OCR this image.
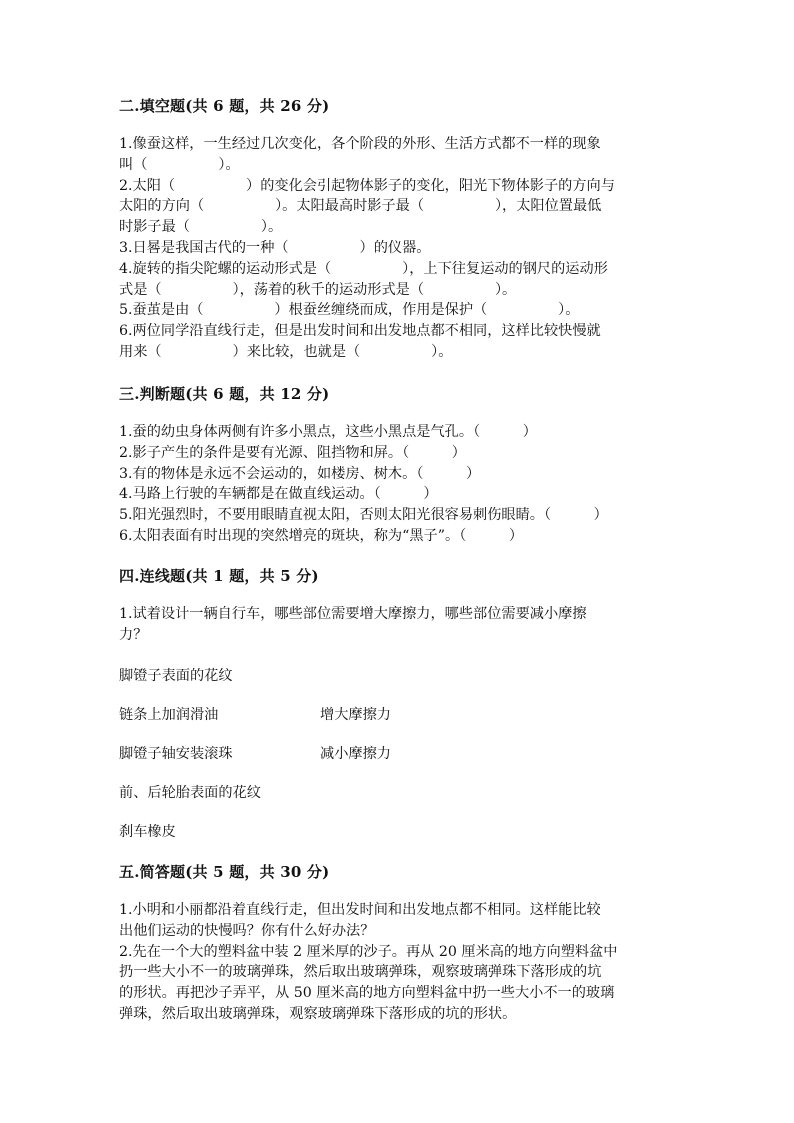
二.填空题(共 6 题，共 26 分)
1.像蚕这样，一生经过几次变化，各个阶段的外形、生活方式都不一样的现象
叫（　　　　　）。
2.太阳（　　　　　）的变化会引起物体影子的变化，阳光下物体影子的方向与
太阳的方向（　　　　　）。太阳最高时影子最（　　　　　），太阳位置最低
时影子最（　　　　　）。
3.日晷是我国古代的一种（　　　　　）的仪器。
4.旋转的指尖陀螺的运动形式是（　　　　　），上下往复运动的钢尺的运动形
式是（　　　　　），荡着的秋千的运动形式是（　　　　　）。
5.蚕茧是由（　　　　　）根蚕丝缠绕而成，作用是保护（　　　　　）。
6.两位同学沿直线行走，但是出发时间和出发地点都不相同，这样比较快慢就
用来（　　　　　）来比较，也就是（　　　　　）。
三.判断题(共 6 题，共 12 分)
1.蚕的幼虫身体两侧有许多小黑点，这些小黑点是气孔。（　　　）
2.影子产生的条件是要有光源、阻挡物和屏。（　　　）
3.有的物体是永远不会运动的，如楼房、树木。（　　　）
4.马路上行驶的车辆都是在做直线运动。（　　　）
5.阳光强烈时，不要用眼睛直视太阳，否则太阳光很容易刺伤眼睛。（　　　）
6.太阳表面有时出现的突然增亮的斑块，称为“黑子”。（　　　）
四.连线题(共 1 题，共 5 分)
1.试着设计一辆自行车，哪些部位需要增大摩擦力，哪些部位需要减小摩擦
力？
脚镫子表面的花纹
链条上加润滑油
脚镫子轴安装滚珠
前、后轮胎表面的花纹
刹车橡皮
增大摩擦力
减小摩擦力
五.简答题(共 5 题，共 30 分)
1.小明和小丽都沿着直线行走，但出发时间和出发地点都不相同。这样能比较
出他们运动的快慢吗？你有什么好办法？
2.先在一个大的塑料盆中装 2 厘米厚的沙子。再从 20 厘米高的地方向塑料盆中
扔一些大小不一的玻璃弹珠，然后取出玻璃弹珠，观察玻璃弹珠下落形成的坑
的形状。再把沙子弄平，从 50 厘米高的地方向塑料盆中扔一些大小不一的玻璃
弹珠，然后取出玻璃弹珠，观察玻璃弹珠下落形成的坑的形状。
